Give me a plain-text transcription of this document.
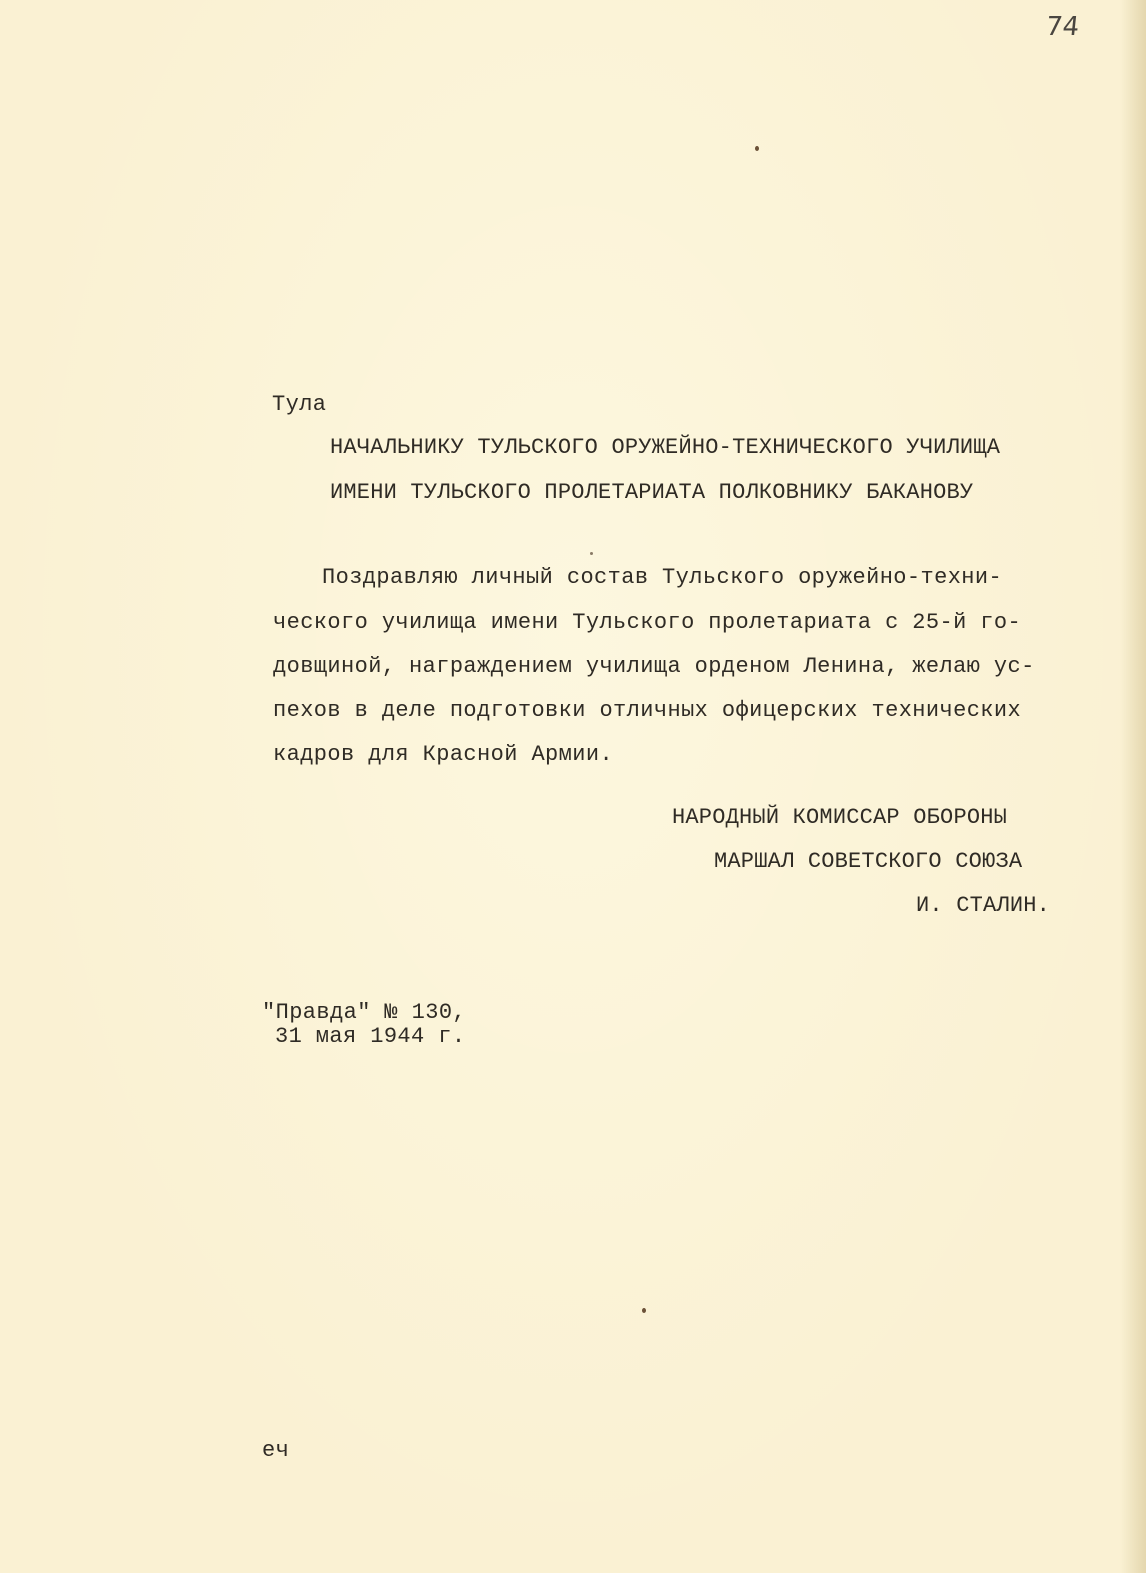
74
Тула
НАЧАЛЬНИКУ ТУЛЬСКОГО ОРУЖЕЙНО-ТЕХНИЧЕСКОГО УЧИЛИЩА
ИМЕНИ ТУЛЬСКОГО ПРОЛЕТАРИАТА ПОЛКОВНИКУ БАКАНОВУ
Поздравляю личный состав Тульского оружейно-техни-
ческого училища имени Тульского пролетариата с 25-й го-
довщиной, награждением училища орденом Ленина, желаю ус-
пехов в деле подготовки отличных офицерских технических
кадров для Красной Армии.
НАРОДНЫЙ КОМИССАР ОБОРОНЫ
МАРШАЛ СОВЕТСКОГО СОЮЗА
И. СТАЛИН.
"Правда" № 130,
31 мая 1944 г.
еч
